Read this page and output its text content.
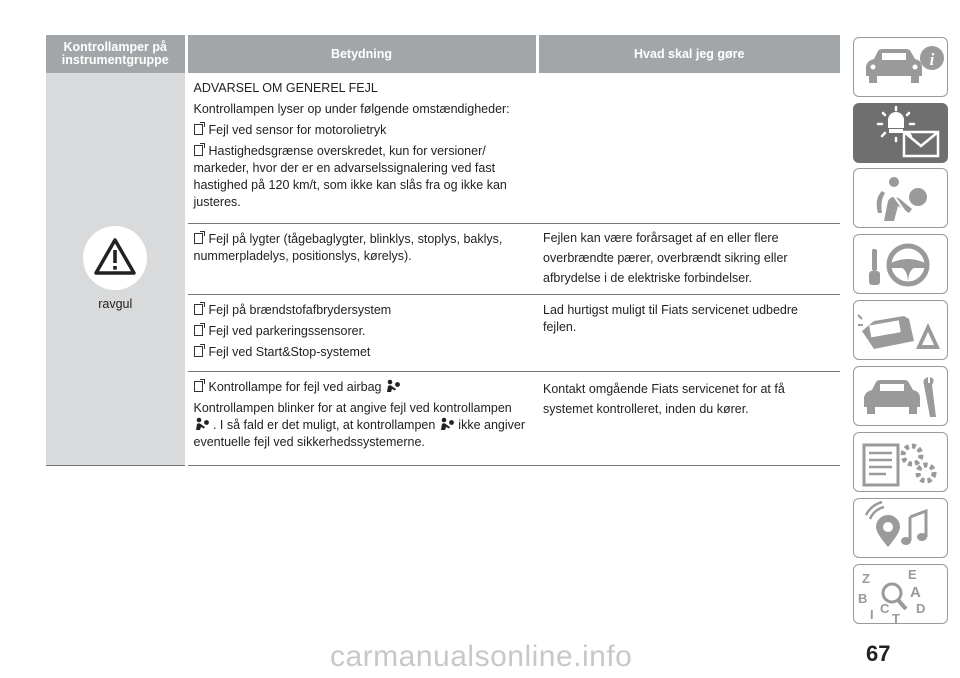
Kontrollamper på instrumentgruppe	Betydning	Hvad skal jeg gøre

ravgul	ADVARSEL OM GENEREL FEJL
Kontrollampen lyser op under følgende omstændigheder:
Fejl ved sensor for motorolietryk
Hastighedsgrænse overskredet, kun for versioner/ markeder, hvor der er en advarselssignalering ved fast hastighed på 120 km/t, som ikke kan slås fra og ikke kan justeres.	

	Fejl på lygter (tågebaglygter, blinklys, stoplys, baklys, nummerpladelys, positionslys, kørelys).	Fejlen kan være forårsaget af en eller flere overbrændte pærer, overbrændt sikring eller afbrydelse i de elektriske forbindelser.

	Fejl på brændstofafbrydersystem
Fejl ved parkeringssensorer.
Fejl ved Start&Stop-systemet	Lad hurtigst muligt til Fiats servicenet udbedre fejlen.

	Kontrollampe for fejl ved airbag
Kontrollampen blinker for at angive fejl ved kontrollampen  . I så fald er det muligt, at kontrollampen ikke angiver eventuelle fejl ved sikkerhedssystemerne.	Kontakt omgående Fiats servicenet for at få systemet kontrolleret, inden du kører.
i
Z	E
A
B
C D
I T
67
carmanualsonline.info
